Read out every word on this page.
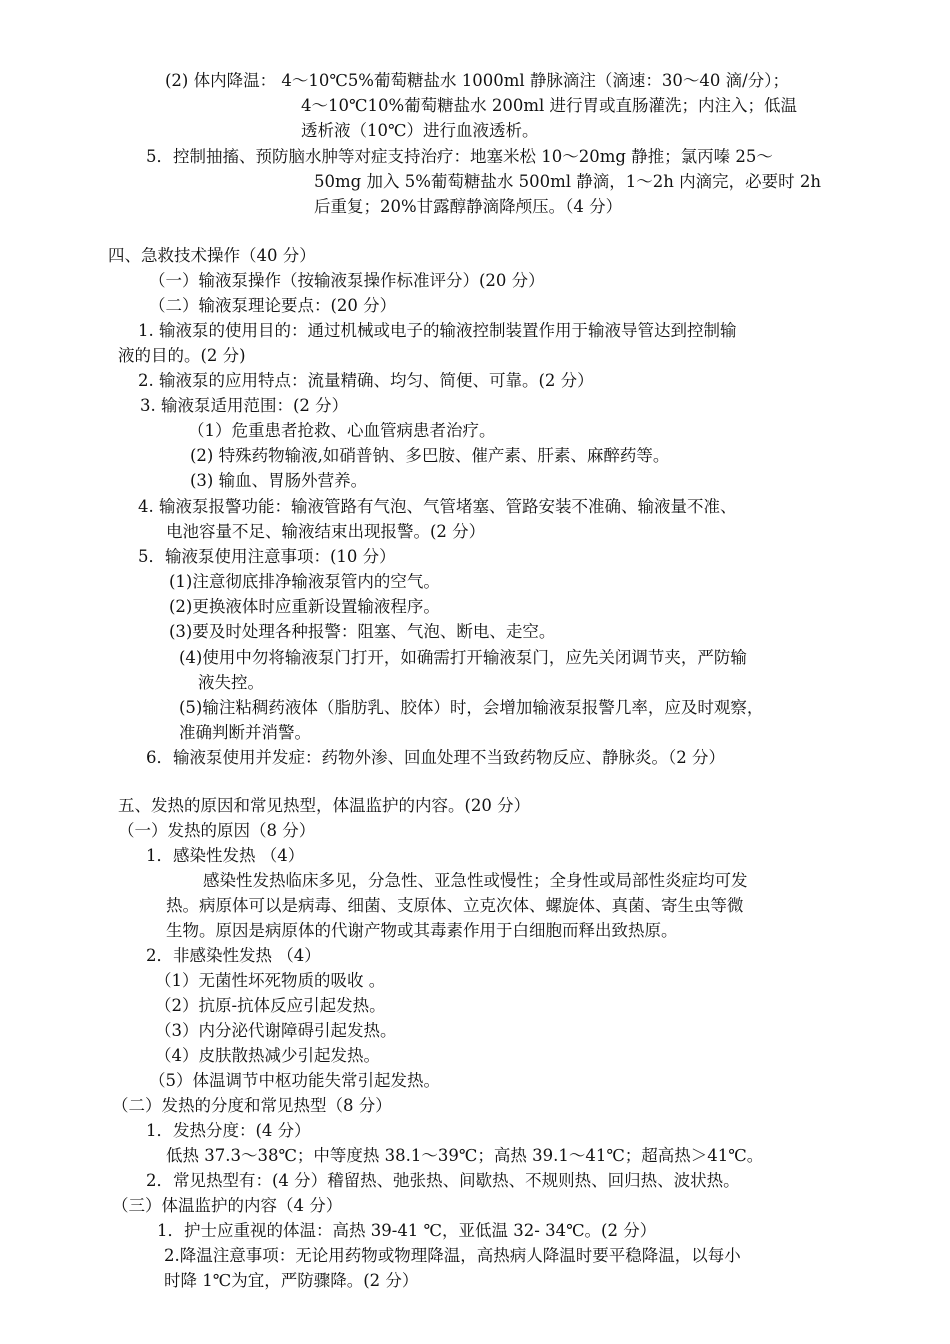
(2) 体内降温： 4～10℃5%葡萄糖盐水 1000ml 静脉滴注（滴速：30～40 滴/分）；
4～10℃10%葡萄糖盐水 200ml 进行胃或直肠灌洗；内注入；低温
透析液（10℃）进行血液透析。
5．控制抽搐、预防脑水肿等对症支持治疗：地塞米松 10～20mg 静推；氯丙嗪 25～
50mg 加入 5%葡萄糖盐水 500ml 静滴，1～2h 内滴完，必要时 2h
后重复；20%甘露醇静滴降颅压。（4 分）
四、急救技术操作（40 分）
（一）输液泵操作（按输液泵操作标准评分）(20 分）
（二）输液泵理论要点：(20 分）
1. 输液泵的使用目的：通过机械或电子的输液控制装置作用于输液导管达到控制输
液的目的。(2 分)
2. 输液泵的应用特点：流量精确、均匀、简便、可靠。(2 分）
3. 输液泵适用范围：(2 分）
（1）危重患者抢救、心血管病患者治疗。
(2) 特殊药物输液,如硝普钠、多巴胺、催产素、肝素、麻醉药等。
(3) 输血、胃肠外营养。
4. 输液泵报警功能：输液管路有气泡、气管堵塞、管路安装不准确、输液量不准、
电池容量不足、输液结束出现报警。(2 分）
5．输液泵使用注意事项：(10 分）
(1)注意彻底排净输液泵管内的空气。
(2)更换液体时应重新设置输液程序。
(3)要及时处理各种报警：阻塞、气泡、断电、走空。
(4)使用中勿将输液泵门打开，如确需打开输液泵门，应先关闭调节夹，严防输
液失控。
(5)输注粘稠药液体（脂肪乳、胶体）时，会增加输液泵报警几率，应及时观察，
准确判断并消警。
6．输液泵使用并发症：药物外渗、回血处理不当致药物反应、静脉炎。（2 分）
五、发热的原因和常见热型，体温监护的内容。(20 分）
（一）发热的原因（8 分）
1．感染性发热 （4）
感染性发热临床多见，分急性、亚急性或慢性；全身性或局部性炎症均可发
热。病原体可以是病毒、细菌、支原体、立克次体、螺旋体、真菌、寄生虫等微
生物。原因是病原体的代谢产物或其毒素作用于白细胞而释出致热原。
2．非感染性发热 （4）
（1）无菌性坏死物质的吸收 。
（2）抗原-抗体反应引起发热。
（3）内分泌代谢障碍引起发热。
（4）皮肤散热减少引起发热。
（5）体温调节中枢功能失常引起发热。
（二）发热的分度和常见热型（8 分）
1．发热分度：(4 分）
低热 37.3～38℃；中等度热 38.1～39℃；高热 39.1～41℃；超高热＞41℃。
2．常见热型有：(4 分）稽留热、弛张热、间歇热、不规则热、回归热、波状热。
（三）体温监护的内容（4 分）
1．护士应重视的体温：高热 39-41 ℃，亚低温 32- 34℃。(2 分）
2.降温注意事项：无论用药物或物理降温，高热病人降温时要平稳降温，以每小
时降 1℃为宜，严防骤降。(2 分）
